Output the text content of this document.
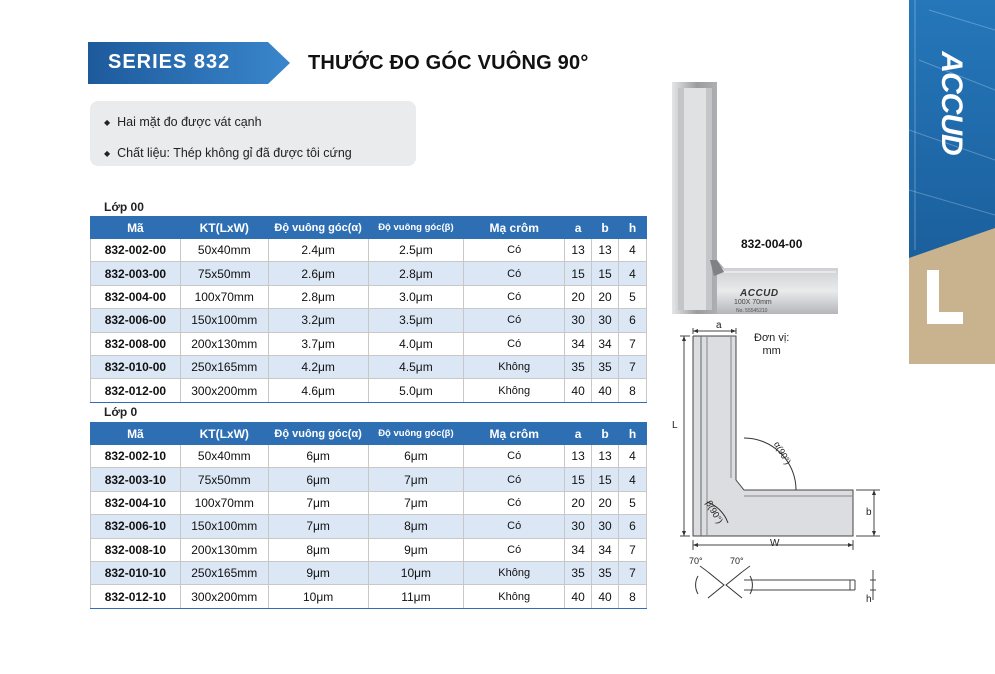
SERIES 832	THƯỚC ĐO GÓC VUÔNG 90°
◆ Hai mặt đo được vát cạnh
◆ Chất liệu: Thép không gỉ đã được tôi cứng
Lớp 00
Mã	KT(LxW)	Độ vuông góc(α)	Độ vuông góc(β)	Mạ crôm	a	b	h
832-002-00	50x40mm	2.4μm	2.5μm	Có	13	13	4
832-003-00	75x50mm	2.6μm	2.8μm	Có	15	15	4
832-004-00	100x70mm	2.8μm	3.0μm	Có	20	20	5
832-006-00	150x100mm	3.2μm	3.5μm	Có	30	30	6
832-008-00	200x130mm	3.7μm	4.0μm	Có	34	34	7
832-010-00	250x165mm	4.2μm	4.5μm	Không	35	35	7
832-012-00	300x200mm	4.6μm	5.0μm	Không	40	40	8
Lớp 0
Mã	KT(LxW)	Độ vuông góc(α)	Độ vuông góc(β)	Mạ crôm	a	b	h
832-002-10	50x40mm	6μm	6μm	Có	13	13	4
832-003-10	75x50mm	6μm	7μm	Có	15	15	4
832-004-10	100x70mm	7μm	7μm	Có	20	20	5
832-006-10	150x100mm	7μm	8μm	Có	30	30	6
832-008-10	200x130mm	8μm	9μm	Có	34	34	7
832-010-10	250x165mm	9μm	10μm	Không	35	35	7
832-012-10	300x200mm	10μm	11μm	Không	40	40	8
ACCUD
100X 70mm
No. 55545210
832-004-00
ACCUD
Đơn vị:
mm
a
L
b
W
h
α(90°)
β(90°)
70°	70°
